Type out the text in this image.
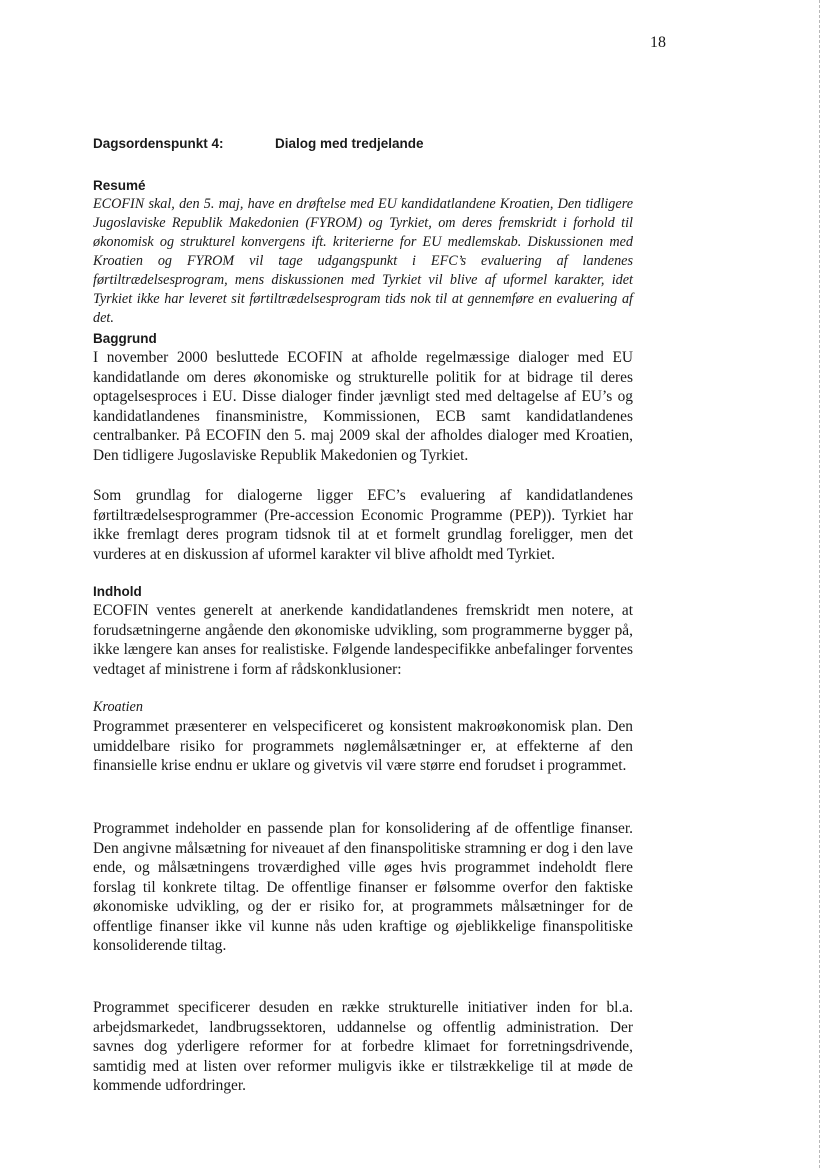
18
Dagsordenspunkt 4:	Dialog med tredjelande
Resumé

ECOFIN skal, den 5. maj, have en drøftelse med EU kandidatlandene Kroatien, Den tidligere Jugoslaviske Republik Makedonien (FYROM) og Tyrkiet, om deres fremskridt i forhold til økonomisk og strukturel konvergens ift. kriterierne for EU medlemskab. Diskussionen med Kroatien og FYROM vil tage udgangspunkt i EFC’s evaluering af landenes førtiltrædelsesprogram, mens diskussionen med Tyrkiet vil blive af uformel karakter, idet Tyrkiet ikke har leveret sit førtiltrædelsesprogram tids nok til at gennemføre en evaluering af det.

Baggrund

I november 2000 besluttede ECOFIN at afholde regelmæssige dialoger med EU kandidatlande om deres økonomiske og strukturelle politik for at bidrage til deres optagelsesproces i EU. Disse dialoger finder jævnligt sted med deltagelse af EU’s og kandidatlandenes finansministre, Kommissionen, ECB samt kandidatlandenes centralbanker. På ECOFIN den 5. maj 2009 skal der afholdes dialoger med Kroatien, Den tidligere Jugoslaviske Republik Makedonien og Tyrkiet.

Som grundlag for dialogerne ligger EFC’s evaluering af kandidatlandenes førtiltrædelsesprogrammer (Pre-accession Economic Programme (PEP)). Tyrkiet har ikke fremlagt deres program tidsnok til at et formelt grundlag foreligger, men det vurderes at en diskussion af uformel karakter vil blive afholdt med Tyrkiet.

Indhold

ECOFIN ventes generelt at anerkende kandidatlandenes fremskridt men notere, at forudsætningerne angående den økonomiske udvikling, som programmerne bygger på, ikke længere kan anses for realistiske. Følgende landespecifikke anbefalinger forventes vedtaget af ministrene i form af rådskonklusioner:

Kroatien

Programmet præsenterer en velspecificeret og konsistent makroøkonomisk plan. Den umiddelbare risiko for programmets nøglemålsætninger er, at effekterne af den finansielle krise endnu er uklare og givetvis vil være større end forudset i programmet.

Programmet indeholder en passende plan for konsolidering af de offentlige finanser. Den angivne målsætning for niveauet af den finanspolitiske stramning er dog i den lave ende, og målsætningens troværdighed ville øges hvis programmet indeholdt flere forslag til konkrete tiltag. De offentlige finanser er følsomme overfor den faktiske økonomiske udvikling, og der er risiko for, at programmets målsætninger for de offentlige finanser ikke vil kunne nås uden kraftige og øjeblikkelige finanspolitiske konsoliderende tiltag.

Programmet specificerer desuden en række strukturelle initiativer inden for bl.a. arbejdsmarkedet, landbrugssektoren, uddannelse og offentlig administration. Der savnes dog yderligere reformer for at forbedre klimaet for forretningsdrivende, samtidig med at listen over reformer muligvis ikke er tilstrækkelige til at møde de kommende udfordringer.
